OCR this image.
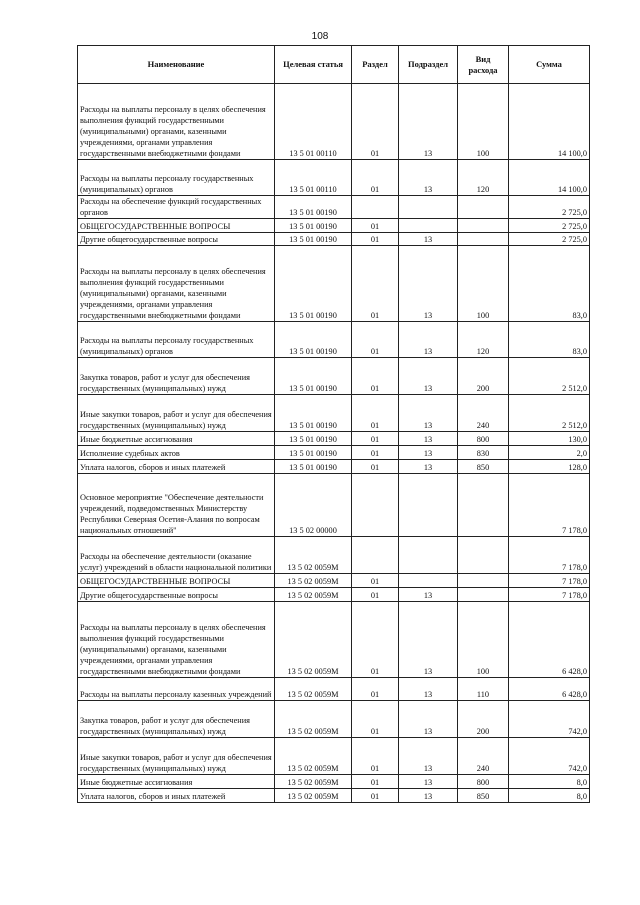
108
Наименование	Целевая статья	Раздел	Подраздел	Вид расхода	Сумма
Расходы на выплаты персоналу в целях обеспечения выполнения функций государственными (муниципальными) органами, казенными учреждениями, органами управления государственными внебюджетными фондами	13 5 01 00110	01	13	100	14 100,0
Расходы на выплаты персоналу государственных (муниципальных) органов	13 5 01 00110	01	13	120	14 100,0
Расходы на обеспечение функций государственных органов	13 5 01 00190				2 725,0
ОБЩЕГОСУДАРСТВЕННЫЕ ВОПРОСЫ	13 5 01 00190	01			2 725,0
Другие общегосударственные вопросы	13 5 01 00190	01	13		2 725,0
Расходы на выплаты персоналу в целях обеспечения выполнения функций государственными (муниципальными) органами, казенными учреждениями, органами управления государственными внебюджетными фондами	13 5 01 00190	01	13	100	83,0
Расходы на выплаты персоналу государственных (муниципальных) органов	13 5 01 00190	01	13	120	83,0
Закупка товаров, работ и услуг для обеспечения государственных (муниципальных) нужд	13 5 01 00190	01	13	200	2 512,0
Иные закупки товаров, работ и услуг для обеспечения государственных (муниципальных) нужд	13 5 01 00190	01	13	240	2 512,0
Иные бюджетные ассигнования	13 5 01 00190	01	13	800	130,0
Исполнение судебных актов	13 5 01 00190	01	13	830	2,0
Уплата налогов, сборов и иных платежей	13 5 01 00190	01	13	850	128,0
Основное мероприятие "Обеспечение деятельности учреждений, подведомственных Министерству Республики Северная Осетия-Алания по вопросам национальных отношений"	13 5 02 00000				7 178,0
Расходы на обеспечение деятельности (оказание услуг) учреждений в области национальной политики	13 5 02 0059M				7 178,0
ОБЩЕГОСУДАРСТВЕННЫЕ ВОПРОСЫ	13 5 02 0059M	01			7 178,0
Другие общегосударственные вопросы	13 5 02 0059M	01	13		7 178,0
Расходы на выплаты персоналу в целях обеспечения выполнения функций государственными (муниципальными) органами, казенными учреждениями, органами управления государственными внебюджетными фондами	13 5 02 0059M	01	13	100	6 428,0
Расходы на выплаты персоналу казенных учреждений	13 5 02 0059M	01	13	110	6 428,0
Закупка товаров, работ и услуг для обеспечения государственных (муниципальных) нужд	13 5 02 0059M	01	13	200	742,0
Иные закупки товаров, работ и услуг для обеспечения государственных (муниципальных) нужд	13 5 02 0059M	01	13	240	742,0
Иные бюджетные ассигнования	13 5 02 0059M	01	13	800	8,0
Уплата налогов, сборов и иных платежей	13 5 02 0059M	01	13	850	8,0
